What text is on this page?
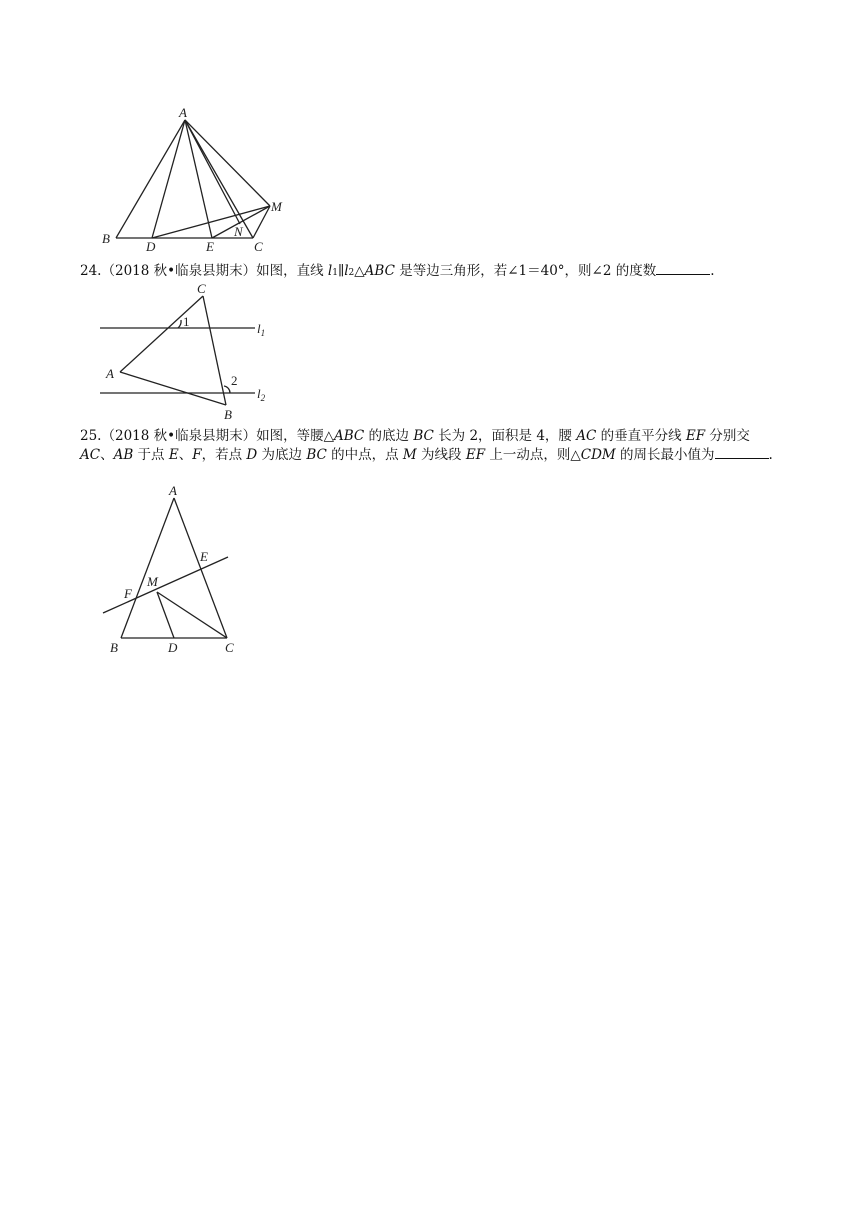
A
B
D	E
N
C
M

24.（2018 秋•临泉县期末）如图，直线 l1∥l2△ABC 是等边三角形，若∠1＝40°，则∠2 的度数	.

1
2
C
A
B
$l_1$
$l_2$

25.（2018 秋•临泉县期末）如图，等腰△ABC 的底边 BC 长为 2，面积是 4，腰 AC 的垂直平分线 EF 分别交 AC、AB 于点 E、F，若点 D 为底边 BC 的中点，点 M 为线段 EF 上一动点，则△CDM 的周长最小值为	.

A
E
M
F
B	D	C
